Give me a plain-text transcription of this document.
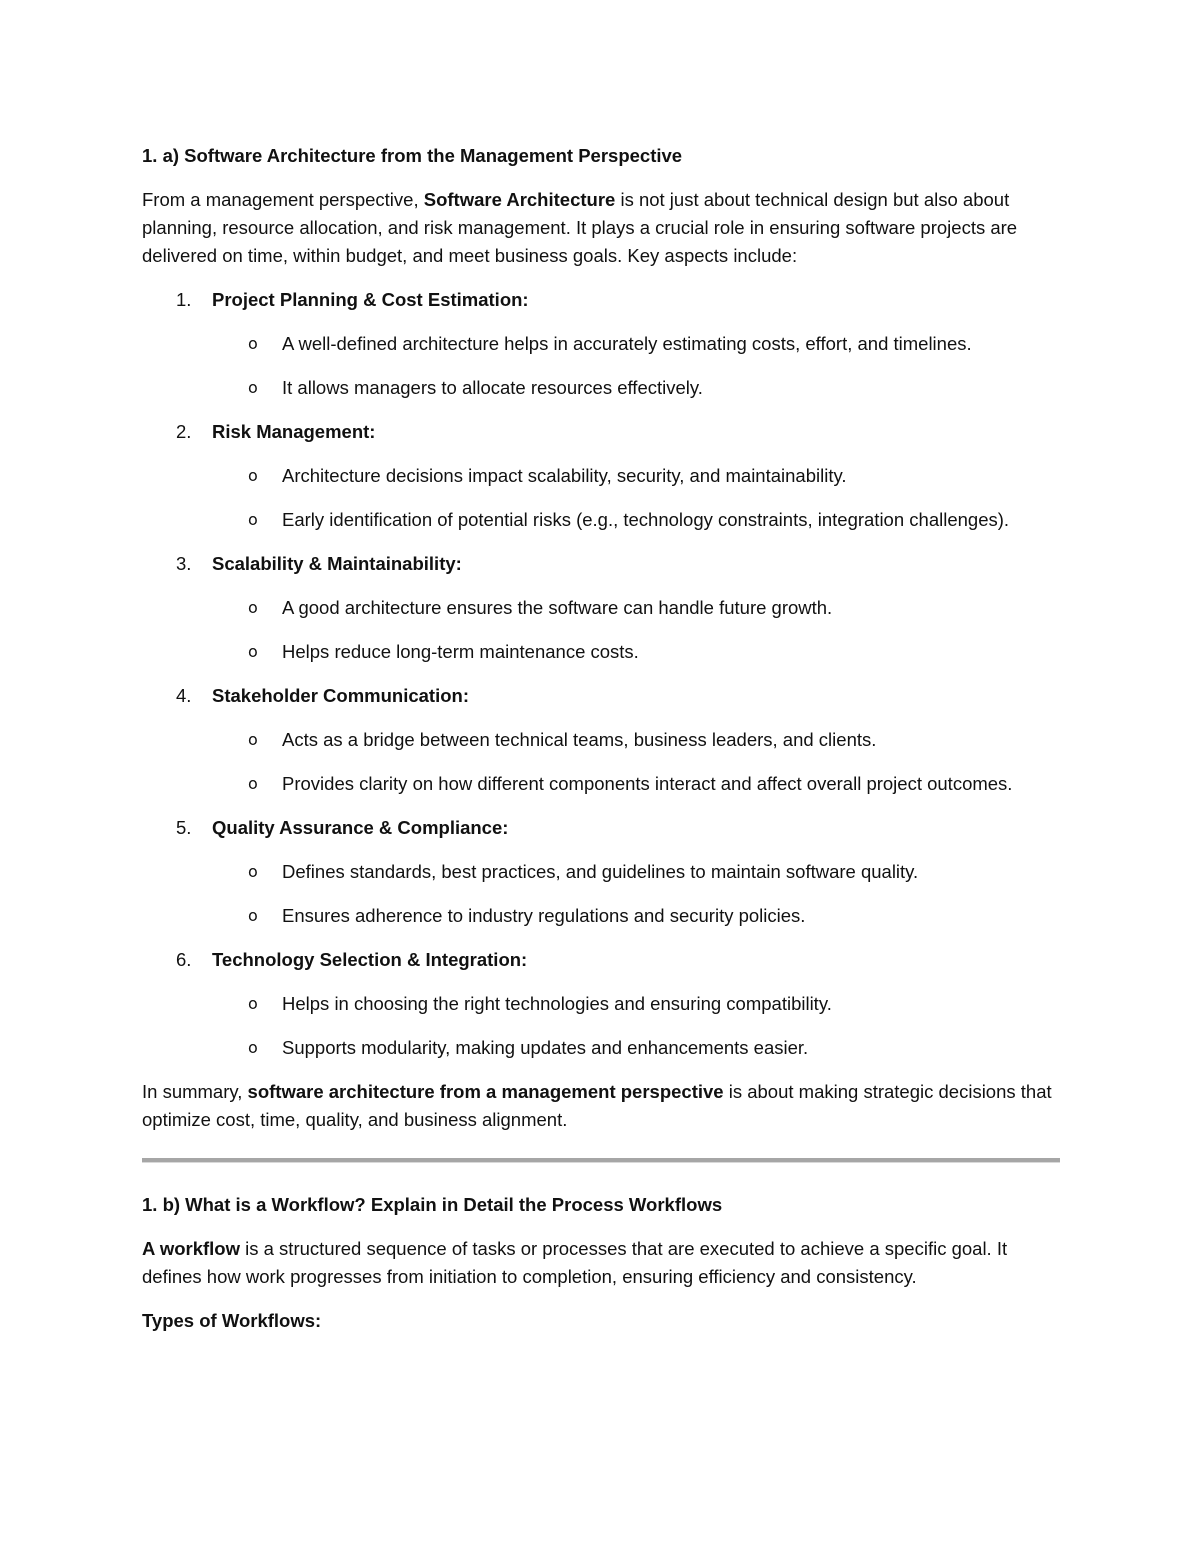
1. a) Software Architecture from the Management Perspective
From a management perspective, Software Architecture is not just about technical design but also about planning, resource allocation, and risk management. It plays a crucial role in ensuring software projects are delivered on time, within budget, and meet business goals. Key aspects include:
1. Project Planning & Cost Estimation:
o A well-defined architecture helps in accurately estimating costs, effort, and timelines.
o It allows managers to allocate resources effectively.
2. Risk Management:
o Architecture decisions impact scalability, security, and maintainability.
o Early identification of potential risks (e.g., technology constraints, integration challenges).
3. Scalability & Maintainability:
o A good architecture ensures the software can handle future growth.
o Helps reduce long-term maintenance costs.
4. Stakeholder Communication:
o Acts as a bridge between technical teams, business leaders, and clients.
o Provides clarity on how different components interact and affect overall project outcomes.
5. Quality Assurance & Compliance:
o Defines standards, best practices, and guidelines to maintain software quality.
o Ensures adherence to industry regulations and security policies.
6. Technology Selection & Integration:
o Helps in choosing the right technologies and ensuring compatibility.
o Supports modularity, making updates and enhancements easier.
In summary, software architecture from a management perspective is about making strategic decisions that optimize cost, time, quality, and business alignment.
1. b) What is a Workflow? Explain in Detail the Process Workflows
A workflow is a structured sequence of tasks or processes that are executed to achieve a specific goal. It defines how work progresses from initiation to completion, ensuring efficiency and consistency.
Types of Workflows:
